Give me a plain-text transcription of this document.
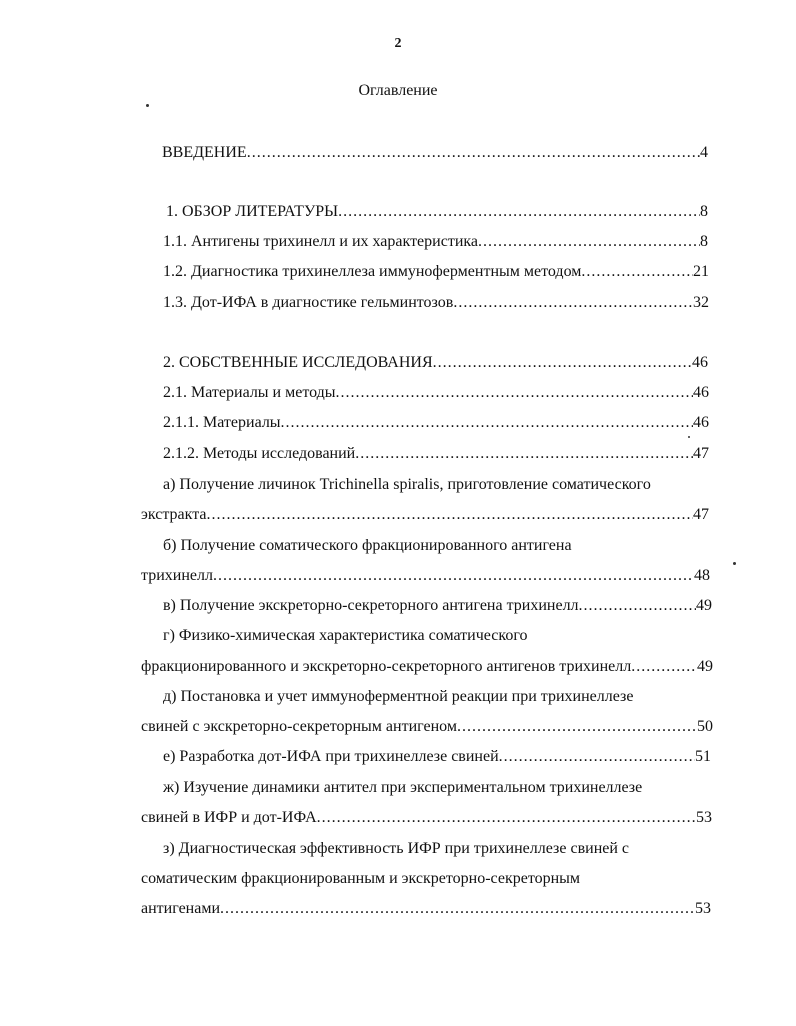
2
Оглавление
ВВЕДЕНИЕ .....	4
1. ОБЗОР ЛИТЕРАТУРЫ .....	8
1.1. Антигены трихинелл и их характеристика .....	8
1.2. Диагностика трихинеллеза иммуноферментным методом .....	21
1.3. Дот-ИФА в диагностике гельминтозов .....	32
2. СОБСТВЕННЫЕ ИССЛЕДОВАНИЯ .....	46
2.1. Материалы и методы .....	46
2.1.1. Материалы .....	46
2.1.2. Методы исследований .....	47
а) Получение личинок Trichinella spiralis, приготовление соматического
экстракта .....	47
б) Получение соматического фракционированного антигена
трихинелл .....	48
в) Получение экскреторно-секреторного антигена трихинелл .....	49
г) Физико-химическая характеристика соматического
фракционированного и экскреторно-секреторного антигенов трихинелл .....	49
д) Постановка и учет иммуноферментной реакции при трихинеллезе
свиней с экскреторно-секреторным антигеном .....	50
е) Разработка дот-ИФА при трихинеллезе свиней .....	51
ж) Изучение динамики антител при экспериментальном трихинеллезе
свиней в ИФР и дот-ИФА .....	53
з) Диагностическая эффективность ИФР при трихинеллезе свиней с
соматическим фракционированным и экскреторно-секреторным
антигенами .....	53
